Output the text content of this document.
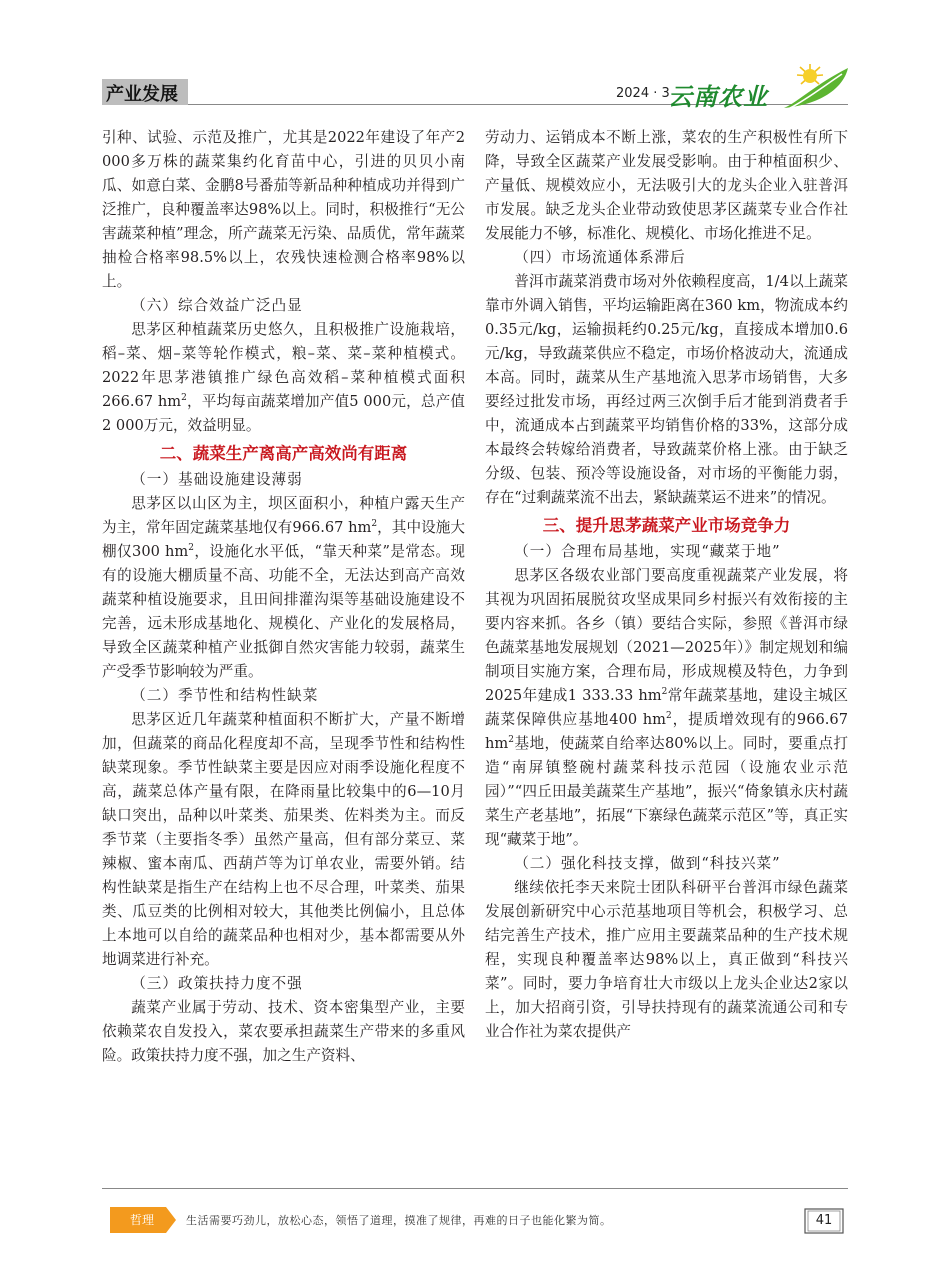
产业发展	2024 · 3
云南农业

引种、试验、示范及推广，尤其是2022年建设了年产2 000多万株的蔬菜集约化育苗中心，引进的贝贝小南瓜、如意白菜、金鹏8号番茄等新品种种植成功并得到广泛推广，良种覆盖率达98%以上。同时，积极推行“无公害蔬菜种植”理念，所产蔬菜无污染、品质优，常年蔬菜抽检合格率98.5%以上，农残快速检测合格率98%以上。

（六）综合效益广泛凸显

思茅区种植蔬菜历史悠久，且积极推广设施栽培，稻–菜、烟–菜等轮作模式，粮–菜、菜–菜种植模式。2022年思茅港镇推广绿色高效稻–菜种植模式面积266.67 $hm^2$，平均每亩蔬菜增加产值5 000元，总产值2 000万元，效益明显。

二、蔬菜生产离高产高效尚有距离

（一）基础设施建设薄弱

思茅区以山区为主，坝区面积小，种植户露天生产为主，常年固定蔬菜基地仅有966.67 $hm^2$，其中设施大棚仅300 $hm^2$，设施化水平低，“靠天种菜”是常态。现有的设施大棚质量不高、功能不全，无法达到高产高效蔬菜种植设施要求，且田间排灌沟渠等基础设施建设不完善，远未形成基地化、规模化、产业化的发展格局，导致全区蔬菜种植产业抵御自然灾害能力较弱，蔬菜生产受季节影响较为严重。

（二）季节性和结构性缺菜

思茅区近几年蔬菜种植面积不断扩大，产量不断增加，但蔬菜的商品化程度却不高，呈现季节性和结构性缺菜现象。季节性缺菜主要是因应对雨季设施化程度不高，蔬菜总体产量有限，在降雨量比较集中的6—10月缺口突出，品种以叶菜类、茄果类、佐料类为主。而反季节菜（主要指冬季）虽然产量高，但有部分菜豆、菜辣椒、蜜本南瓜、西葫芦等为订单农业，需要外销。结构性缺菜是指生产在结构上也不尽合理，叶菜类、茄果类、瓜豆类的比例相对较大，其他类比例偏小，且总体上本地可以自给的蔬菜品种也相对少，基本都需要从外地调菜进行补充。

（三）政策扶持力度不强

蔬菜产业属于劳动、技术、资本密集型产业，主要依赖菜农自发投入，菜农要承担蔬菜生产带来的多重风险。政策扶持力度不强，加之生产资料、

劳动力、运销成本不断上涨，菜农的生产积极性有所下降，导致全区蔬菜产业发展受影响。由于种植面积少、产量低、规模效应小，无法吸引大的龙头企业入驻普洱市发展。缺乏龙头企业带动致使思茅区蔬菜专业合作社发展能力不够，标准化、规模化、市场化推进不足。

（四）市场流通体系滞后

普洱市蔬菜消费市场对外依赖程度高，1/4以上蔬菜靠市外调入销售，平均运输距离在360 km，物流成本约0.35元/kg，运输损耗约0.25元/kg，直接成本增加0.6元/kg，导致蔬菜供应不稳定，市场价格波动大，流通成本高。同时，蔬菜从生产基地流入思茅市场销售，大多要经过批发市场，再经过两三次倒手后才能到消费者手中，流通成本占到蔬菜平均销售价格的33%，这部分成本最终会转嫁给消费者，导致蔬菜价格上涨。由于缺乏分级、包装、预冷等设施设备，对市场的平衡能力弱，存在“过剩蔬菜流不出去，紧缺蔬菜运不进来”的情况。

三、提升思茅蔬菜产业市场竞争力

（一）合理布局基地，实现“藏菜于地”

思茅区各级农业部门要高度重视蔬菜产业发展，将其视为巩固拓展脱贫攻坚成果同乡村振兴有效衔接的主要内容来抓。各乡（镇）要结合实际，参照《普洱市绿色蔬菜基地发展规划（2021—2025年）》制定规划和编制项目实施方案，合理布局，形成规模及特色，力争到2025年建成1 333.33 $hm^2$常年蔬菜基地，建设主城区蔬菜保障供应基地400 $hm^2$，提质增效现有的966.67 $hm^2$基地，使蔬菜自给率达80%以上。同时，要重点打造“南屏镇整碗村蔬菜科技示范园（设施农业示范园）”“四丘田最美蔬菜生产基地”，振兴“倚象镇永庆村蔬菜生产老基地”，拓展“下寨绿色蔬菜示范区”等，真正实现“藏菜于地”。

（二）强化科技支撑，做到“科技兴菜”

继续依托李天来院士团队科研平台普洱市绿色蔬菜发展创新研究中心示范基地项目等机会，积极学习、总结完善生产技术，推广应用主要蔬菜品种的生产技术规程，实现良种覆盖率达98%以上，真正做到“科技兴菜”。同时，要力争培育壮大市级以上龙头企业达2家以上，加大招商引资，引导扶持现有的蔬菜流通公司和专业合作社为菜农提供产

哲理	生活需要巧劲儿，放松心态，领悟了道理，摸准了规律，再难的日子也能化繁为简。	41
